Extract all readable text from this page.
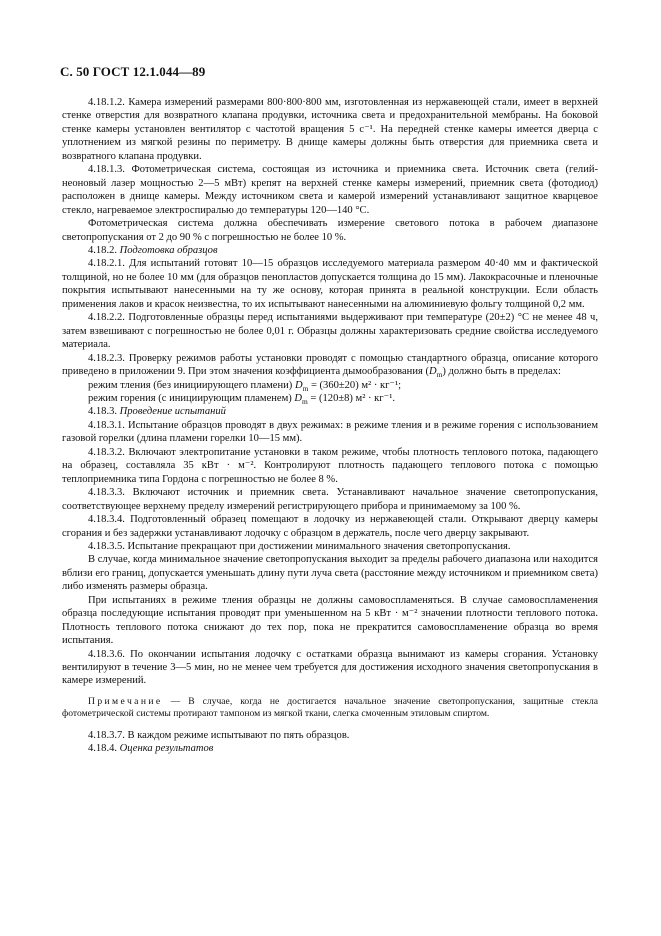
С. 50 ГОСТ 12.1.044—89

4.18.1.2. Камера измерений размерами 800·800·800 мм, изготовленная из нержавеющей стали, имеет в верхней стенке отверстия для возвратного клапана продувки, источника света и предохранительной мембраны. На боковой стенке камеры установлен вентилятор с частотой вращения 5 с⁻¹. На передней стенке камеры имеется дверца с уплотнением из мягкой резины по периметру. В днище камеры должны быть отверстия для приемника света и возвратного клапана продувки.

4.18.1.3. Фотометрическая система, состоящая из источника и приемника света. Источник света (гелий-неоновый лазер мощностью 2—5 мВт) крепят на верхней стенке камеры измерений, приемник света (фотодиод) расположен в днище камеры. Между источником света и камерой измерений устанавливают защитное кварцевое стекло, нагреваемое электроспиралью до температуры 120—140 °С.

Фотометрическая система должна обеспечивать измерение светового потока в рабочем диапазоне светопропускания от 2 до 90 % с погрешностью не более 10 %.

4.18.2. Подготовка образцов

4.18.2.1. Для испытаний готовят 10—15 образцов исследуемого материала размером 40·40 мм и фактической толщиной, но не более 10 мм (для образцов пенопластов допускается толщина до 15 мм). Лакокрасочные и пленочные покрытия испытывают нанесенными на ту же основу, которая принята в реальной конструкции. Если область применения лаков и красок неизвестна, то их испытывают нанесенными на алюминиевую фольгу толщиной 0,2 мм.

4.18.2.2. Подготовленные образцы перед испытаниями выдерживают при температуре (20±2) °С не менее 48 ч, затем взвешивают с погрешностью не более 0,01 г. Образцы должны характеризовать средние свойства исследуемого материала.

4.18.2.3. Проверку режимов работы установки проводят с помощью стандартного образца, описание которого приведено в приложении 9. При этом значения коэффициента дымообразования $(D_m)$ должно быть в пределах:

режим тления (без инициирующего пламени) $D_m = (360\pm 20) м^2 \cdot кг^{-1}$;

режим горения (с инициирующим пламенем) $D_m = (120\pm 8) м^2 \cdot кг^{-1}$.

4.18.3. Проведение испытаний

4.18.3.1. Испытание образцов проводят в двух режимах: в режиме тления и в режиме горения с использованием газовой горелки (длина пламени горелки 10—15 мм).

4.18.3.2. Включают электропитание установки в таком режиме, чтобы плотность теплового потока, падающего на образец, составляла 35 кВт · м⁻². Контролируют плотность падающего теплового потока с помощью теплоприемника типа Гордона с погрешностью не более 8 %.

4.18.3.3. Включают источник и приемник света. Устанавливают начальное значение светопропускания, соответствующее верхнему пределу измерений регистрирующего прибора и принимаемому за 100 %.

4.18.3.4. Подготовленный образец помещают в лодочку из нержавеющей стали. Открывают дверцу камеры сгорания и без задержки устанавливают лодочку с образцом в держатель, после чего дверцу закрывают.

4.18.3.5. Испытание прекращают при достижении минимального значения светопропускания.

В случае, когда минимальное значение светопропускания выходит за пределы рабочего диапазона или находится вблизи его границ, допускается уменьшать длину пути луча света (расстояние между источником и приемником света) либо изменять размеры образца.

При испытаниях в режиме тления образцы не должны самовоспламеняться. В случае самовоспламенения образца последующие испытания проводят при уменьшенном на 5 кВт · м⁻² значении плотности теплового потока. Плотность теплового потока снижают до тех пор, пока не прекратится самовоспламенение образца во время испытания.

4.18.3.6. По окончании испытания лодочку с остатками образца вынимают из камеры сгорания. Установку вентилируют в течение 3—5 мин, но не менее чем требуется для достижения исходного значения светопропускания в камере измерений.

Примечание — В случае, когда не достигается начальное значение светопропускания, защитные стекла фотометрической системы протирают тампоном из мягкой ткани, слегка смоченным этиловым спиртом.

4.18.3.7. В каждом режиме испытывают по пять образцов.

4.18.4. Оценка результатов
